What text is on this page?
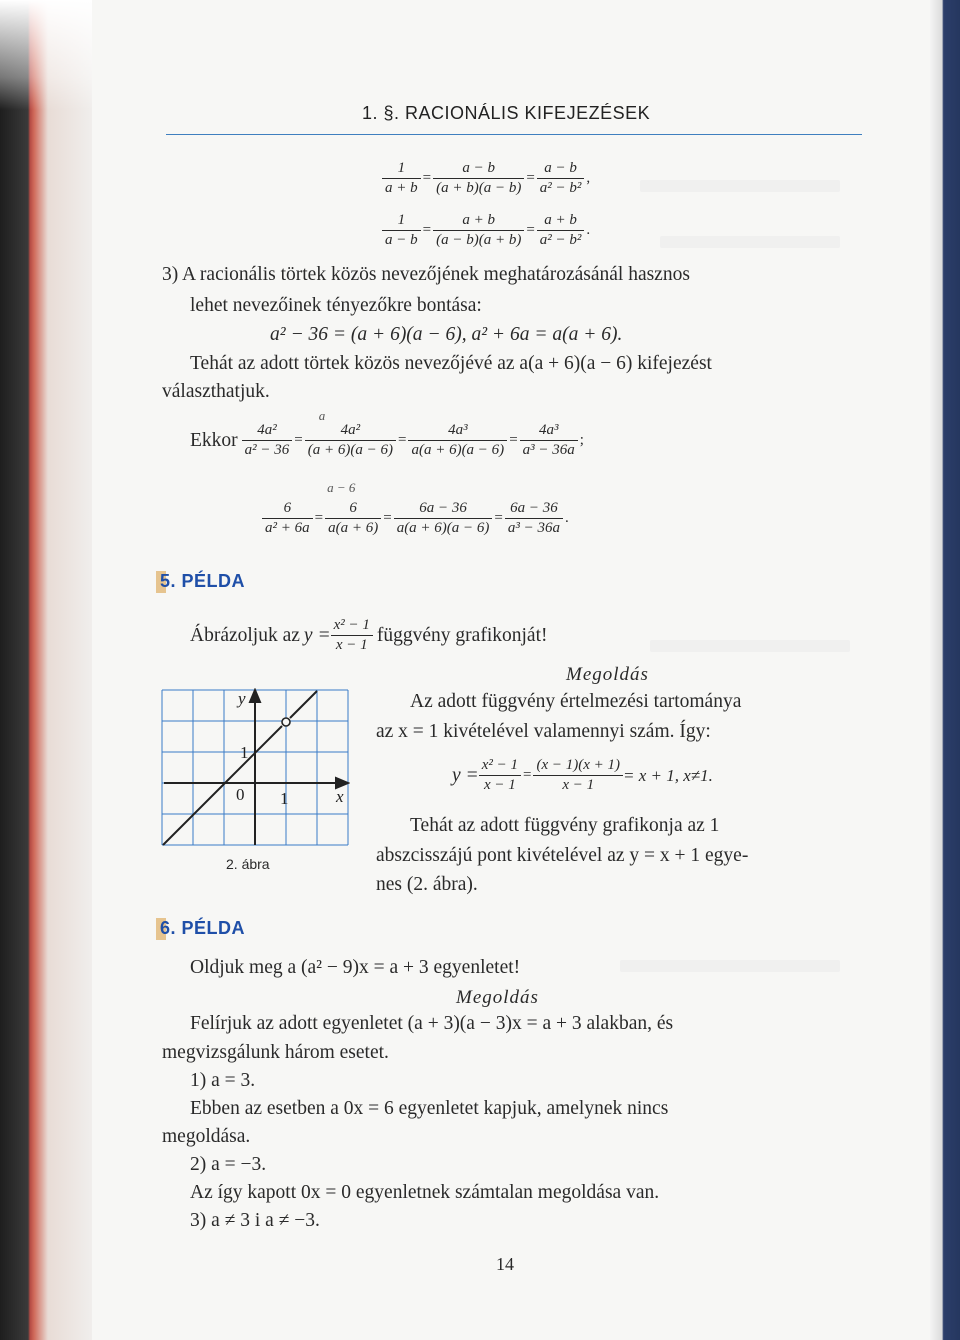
1. §. RACIONÁLIS KIFEJEZÉSEK
$\frac{1}{a + b} = \frac{a - b}{(a + b)(a - b)} = \frac{a - b}{\text{a² − b²}}$ ,
$\frac{1}{a - b} = \frac{a + b}{(a - b)(a + b)} = \frac{a + b}{\text{a² − b²}}$ .
3) A racionális törtek közös nevezőjének meghatározásánál hasznos
lehet nevezőinek tényezőkre bontása:
a² − 36 = (a + 6)(a − 6), a² + 6a = a(a + 6).
Tehát az adott törtek közös nevezőjévé az a(a + 6)(a − 6) kifejezést
választhatjuk.
Ekkor $\frac{\text{4a²}}{\text{a² − 36}}$ =
a
4a²
(a + 6)(a − 6)
= $\frac{\text{4a³}}{a(a + 6)(a - 6)} = \frac{\text{4a³}}{\text{a³ − 36a}}$ ;
$\frac{6}{\text{a² + 6a}}$ =
a − 6
6
a(a + 6)
= $\frac{6a - 36}{a(a + 6)(a - 6)} = \frac{6a - 36}{\text{a³ − 36a}}$ .
5. PÉLDA
Ábrázoljuk az $y = \frac{\text{x² − 1}}{x - 1}$ függvény grafikonját!
Megoldás
Az adott függvény értelmezési tartománya
az x = 1 kivételével valamennyi szám. Így:
$y = \frac{\text{x² − 1}}{x - 1} = \frac{(x - 1)(x + 1)}{x - 1} = x + 1$, x≠1.
Tehát az adott függvény grafikonja az 1
abszcisszájú pont kivételével az y = x + 1 egye-
nes (2. ábra).
y
x
0 1
1
2. ábra
6. PÉLDA
Oldjuk meg a (a² − 9)x = a + 3 egyenletet!
Megoldás
Felírjuk az adott egyenletet (a + 3)(a − 3)x = a + 3 alakban, és
megvizsgálunk három esetet.
1) a = 3.
Ebben az esetben a 0x = 6 egyenletet kapjuk, amelynek nincs
megoldása.
2) a = −3.
Az így kapott 0x = 0 egyenletnek számtalan megoldása van.
3) a ≠ 3 i a ≠ −3.
14
